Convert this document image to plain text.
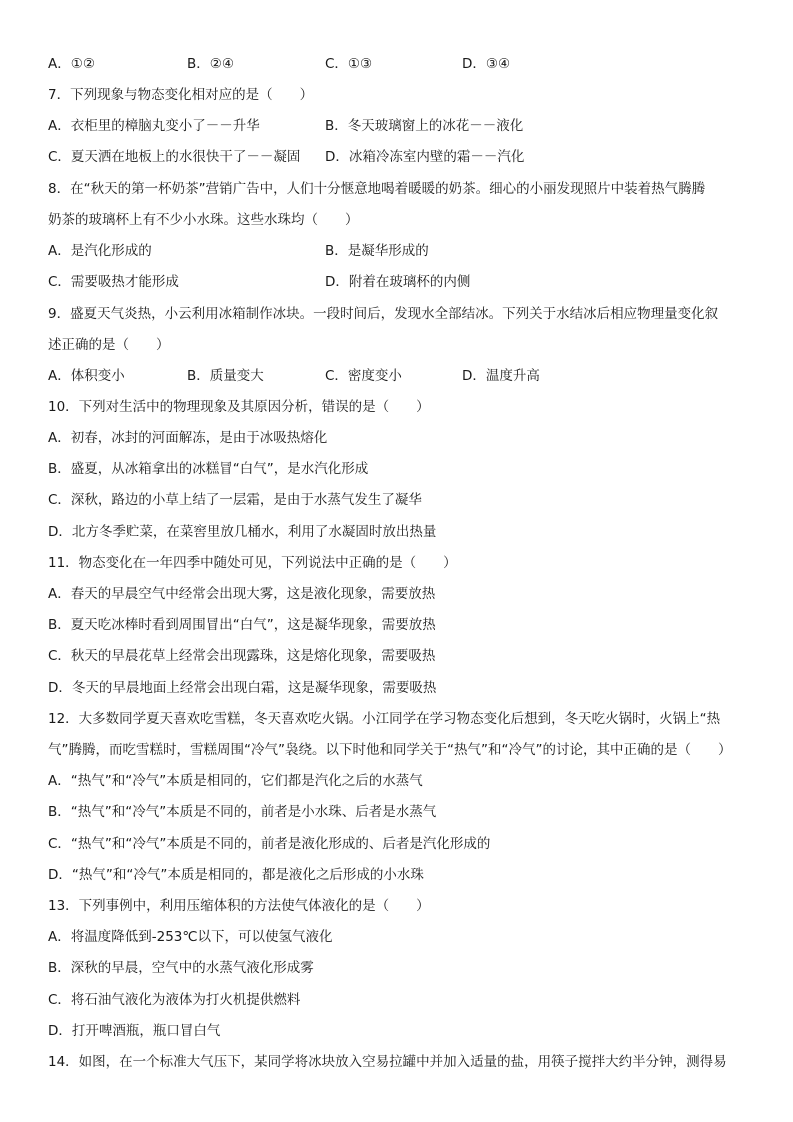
A．①②	B．②④	C．①③	D．③④
7．下列现象与物态变化相对应的是（　　）
A．衣柜里的樟脑丸变小了－－升华	B．冬天玻璃窗上的冰花－－液化
C．夏天洒在地板上的水很快干了－－凝固 D．冰箱冷冻室内壁的霜－－汽化
8．在“秋天的第一杯奶茶”营销广告中，人们十分惬意地喝着暖暖的奶茶。细心的小丽发现照片中装着热气腾腾
奶茶的玻璃杯上有不少小水珠。这些水珠均（　　）
A．是汽化形成的	B．是凝华形成的
C．需要吸热才能形成	D．附着在玻璃杯的内侧
9．盛夏天气炎热，小云利用冰箱制作冰块。一段时间后，发现水全部结冰。下列关于水结冰后相应物理量变化叙
述正确的是（　　）
A．体积变小	B．质量变大	C．密度变小	D．温度升高
10．下列对生活中的物理现象及其原因分析，错误的是（　　）
A．初春，冰封的河面解冻，是由于冰吸热熔化
B．盛夏，从冰箱拿出的冰糕冒“白气”，是水汽化形成
C．深秋，路边的小草上结了一层霜，是由于水蒸气发生了凝华
D．北方冬季贮菜，在菜窖里放几桶水，利用了水凝固时放出热量
11．物态变化在一年四季中随处可见，下列说法中正确的是（　　）
A．春天的早晨空气中经常会出现大雾，这是液化现象，需要放热
B．夏天吃冰棒时看到周围冒出“白气”，这是凝华现象，需要放热
C．秋天的早晨花草上经常会出现露珠，这是熔化现象，需要吸热
D．冬天的早晨地面上经常会出现白霜，这是凝华现象，需要吸热
12．大多数同学夏天喜欢吃雪糕，冬天喜欢吃火锅。小江同学在学习物态变化后想到，冬天吃火锅时，火锅上“热
气”腾腾，而吃雪糕时，雪糕周围“冷气”袅绕。以下时他和同学关于“热气”和“冷气”的讨论，其中正确的是（　　）
A．“热气”和“冷气”本质是相同的，它们都是汽化之后的水蒸气
B．“热气”和“冷气”本质是不同的，前者是小水珠、后者是水蒸气
C．“热气”和“冷气”本质是不同的，前者是液化形成的、后者是汽化形成的
D．“热气”和“冷气”本质是相同的，都是液化之后形成的小水珠
13．下列事例中，利用压缩体积的方法使气体液化的是（　　）
A．将温度降低到-253℃以下，可以使氢气液化
B．深秋的早晨，空气中的水蒸气液化形成雾
C．将石油气液化为液体为打火机提供燃料
D．打开啤酒瓶，瓶口冒白气
14．如图，在一个标准大气压下，某同学将冰块放入空易拉罐中并加入适量的盐，用筷子搅拌大约半分钟，测得易
